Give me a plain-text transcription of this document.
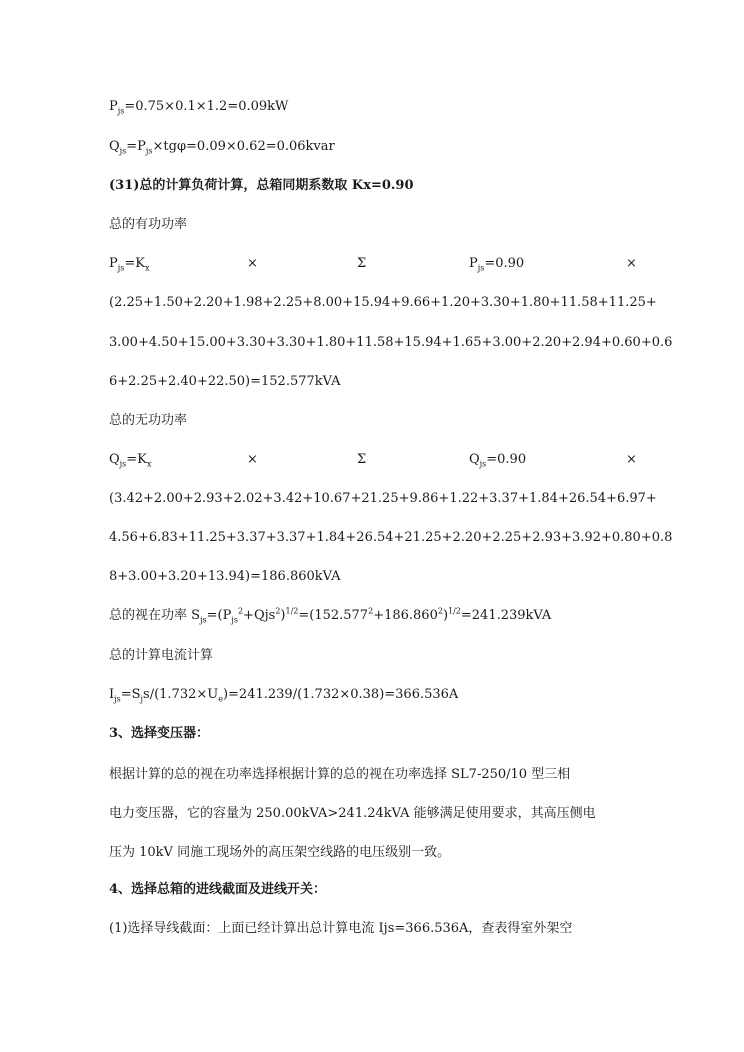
$P_{js}=0.75\times 0.1\times 1.2=0.09kW$
$Q_{js}=P_{js}\times tg\varphi=0.09\times 0.62=0.06kvar$
(31)总的计算负荷计算，总箱同期系数取 Kx=0.90
总的有功功率
$P_{js}=K_x$	×	Σ	$P_{js}=0.90$	×
(2.25+1.50+2.20+1.98+2.25+8.00+15.94+9.66+1.20+3.30+1.80+11.58+11.25+
3.00+4.50+15.00+3.30+3.30+1.80+11.58+15.94+1.65+3.00+2.20+2.94+0.60+0.6
6+2.25+2.40+22.50)=152.577kVA
总的无功功率
$Q_{js}=K_x$	×	Σ	$Q_{js}=0.90$	×
(3.42+2.00+2.93+2.02+3.42+10.67+21.25+9.86+1.22+3.37+1.84+26.54+6.97+
4.56+6.83+11.25+3.37+3.37+1.84+26.54+21.25+2.20+2.25+2.93+3.92+0.80+0.8
8+3.00+3.20+13.94)=186.860kVA
总的视在功率 $S_{js}=(P_{js}^2+Qjs^2)^{1/2}=(152.577^2+186.860^2)^{1/2}=241.239kVA$
总的计算电流计算
$I_{js}=S_js/(1.732\times U_e)=241.239/(1.732\times 0.38)=366.536A$
3、选择变压器：
根据计算的总的视在功率选择根据计算的总的视在功率选择 SL7-250/10 型三相
电力变压器，它的容量为 250.00kVA>241.24kVA 能够满足使用要求，其高压侧电
压为 10kV 同施工现场外的高压架空线路的电压级别一致。
4、选择总箱的进线截面及进线开关：
(1)选择导线截面：上面已经计算出总计算电流 Ijs=366.536A，查表得室外架空
